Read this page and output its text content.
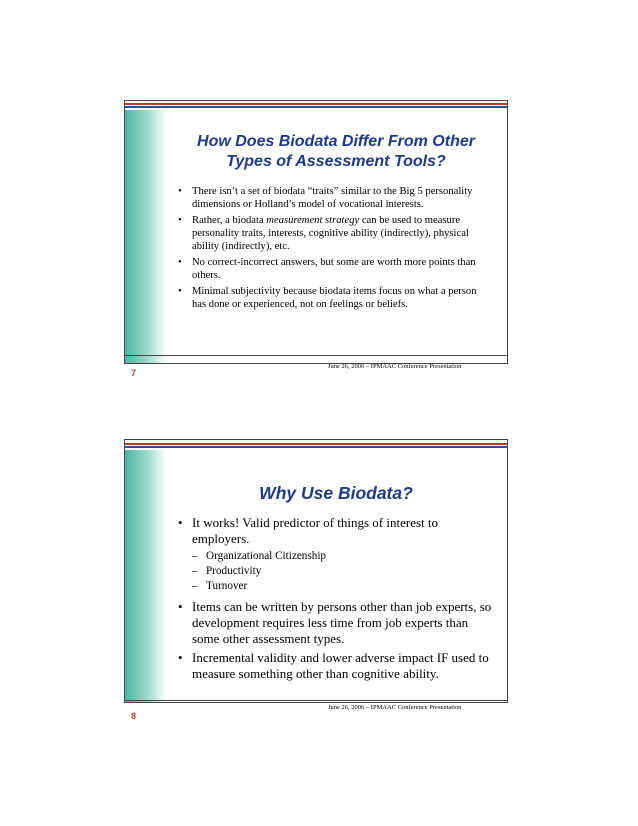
How Does Biodata Differ From Other
Types of Assessment Tools?
• There isn’t a set of biodata “traits” similar to the Big 5 personality dimensions or Holland’s model of vocational interests.
• Rather, a biodata measurement strategy can be used to measure personality traits, interests, cognitive ability (indirectly), physical ability (indirectly), etc.
• No correct-incorrect answers, but some are worth more points than others.
• Minimal subjectivity because biodata items focus on what a person has done or experienced, not on feelings or beliefs.
June 26, 2006 – IPMAAC Conference Presentation
7
Why Use Biodata?
• It works! Valid predictor of things of interest to employers.
– Organizational Citizenship
– Productivity
– Turnover
• Items can be written by persons other than job experts, so development requires less time from job experts than some other assessment types.
• Incremental validity and lower adverse impact IF used to measure something other than cognitive ability.
June 26, 2006 – IPMAAC Conference Presentation
8
